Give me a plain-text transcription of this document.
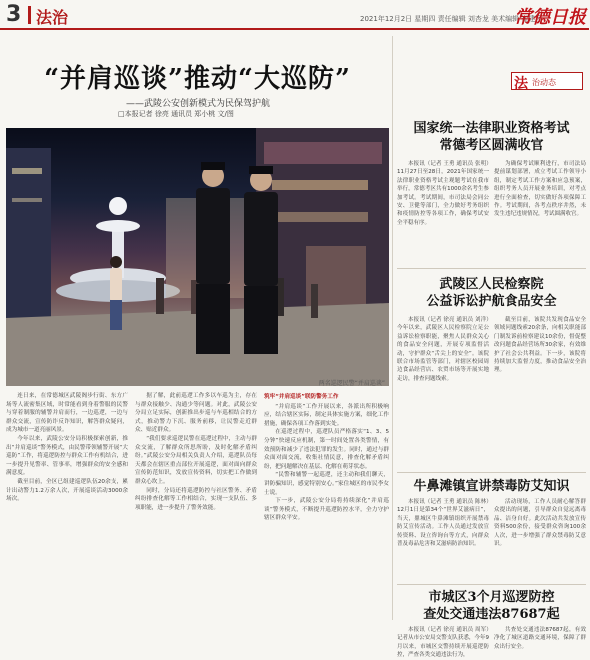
3 法治	2021年12月2日 星期四 责任编辑 刘杏龙 美术编辑 崔建萍
常德日报
“并肩巡谈”推动“大巡防”
——武陵公安创新模式为民保驾护航
□本报记者 徐亮 通讯员 郑小桃 文/图
两名巡逻民警“并肩巡谈”

连日来，在常德城区武陵阁步行街、东方广场等人流密集区域，时常能看到身着警服的民警与穿着制服的辅警并肩而行，一边巡逻，一边与群众交流，宣传防诈反诈知识，解答群众疑问，成为城市一道亮丽风景。

今年以来，武陵公安分局积极探索创新，推出“并肩巡谈”警务模式，由民警带领辅警开展“大巡防”工作，将巡逻防控与群众工作有机结合，进一步提升见警率、管事率，增强群众的安全感和满意度。

截至目前，全区已组建巡逻队伍20余支，累计出动警力1.2万余人次，开展巡谈活动3000余场次。

据了解，此前巡逻工作多以车巡为主，存在与群众接触少、沟通少等问题。对此，武陵公安分局立足实际，创新推出步巡与车巡相结合的方式，推动警力下沉、服务前移，让民警走近群众、贴近群众。

“我们要求巡逻民警在巡逻过程中，主动与群众交流，了解群众所思所盼，及时化解矛盾纠纷。”武陵公安分局相关负责人介绍，巡逻队员每天都会在辖区重点部位开展巡逻，面对面向群众宣传防范知识，发放宣传资料，切实把工作做到群众心坎上。

同时，分局还将巡逻防控与社区警务、矛盾纠纷排查化解等工作相结合，实现一支队伍、多项职能，进一步提升了警务效能。

筑牢“并肩巡谈”联防警务工作

“并肩巡谈”工作开展以来，各派出所积极响应，结合辖区实际，制定具体实施方案，细化工作措施，确保各项工作落到实处。

在巡逻过程中，巡逻队员严格落实“1、3、5分钟”快速反应机制，第一时间处置各类警情，有效预防和减少了违法犯罪的发生。同时，通过与群众面对面交流，收集社情民意，排查化解矛盾纠纷，把问题解决在基层、化解在萌芽状态。

“民警和辅警一起巡逻，还主动和我们聊天，讲防骗知识，感觉特别安心。”家住城区的市民李女士说。

下一步，武陵公安分局将持续深化“并肩巡谈”警务模式，不断提升巡逻防控水平，全力守护辖区群众平安。

法 治动态
国家统一法律职业资格考试
常德考区圆满收官

本报讯（记者 王勇 通讯员 张明）11月27日至28日，2021年国家统一法律职业资格考试主观题考试在我市举行，常德考区共有1000余名考生参加考试。考试期间，市司法局会同公安、卫健等部门，全力做好考务组织和疫情防控等各项工作，确保考试安全平稳有序。

为确保考试顺利进行，市司法局提前谋划部署，成立考试工作领导小组，制定考试工作方案和应急预案，组织考务人员开展业务培训，对考点进行全面检查，切实做好各项保障工作。考试期间，各考点秩序井然，未发生违纪违规情况，考试圆满收官。

武陵区人民检察院
公益诉讼护航食品安全

本报讯（记者 徐亮 通讯员 刘洋）今年以来，武陵区人民检察院立足公益诉讼检察职能，聚焦人民群众关心的食品安全问题，开展专项监督活动，守护群众“舌尖上的安全”。该院联合市场监管等部门，对辖区校园周边食品经营店、农贸市场等开展实地走访，排查问题线索。

截至目前，该院共发现食品安全领域问题线索20余条，向相关职能部门制发诉前检察建议10余份，督促整改问题食品经营场所30余家，有效维护了社会公共利益。下一步，该院将持续加大监督力度，推动食品安全治理。

牛鼻滩镇宣讲禁毒防艾知识

本报讯（记者 王勇 通讯员 陈林）12月1日是第34个“世界艾滋病日”，当天，鼎城区牛鼻滩镇组织开展禁毒防艾宣传活动。工作人员通过发放宣传资料、设立咨询台等方式，向群众普及毒品危害和艾滋病防治知识。

活动现场，工作人员耐心解答群众提出的问题，引导群众自觉远离毒品、洁身自好。此次活动共发放宣传资料500余份，接受群众咨询100余人次，进一步增强了群众禁毒防艾意识。

市城区3个月巡逻防控
查处交通违法87687起

本报讯（记者 徐亮 通讯员 周军）记者从市公安局交警支队获悉，今年9月以来，市城区交警持续开展巡逻防控，严查各类交通违法行为，

共查处交通违法87687起，有效净化了城区道路交通环境，保障了群众出行安全。
